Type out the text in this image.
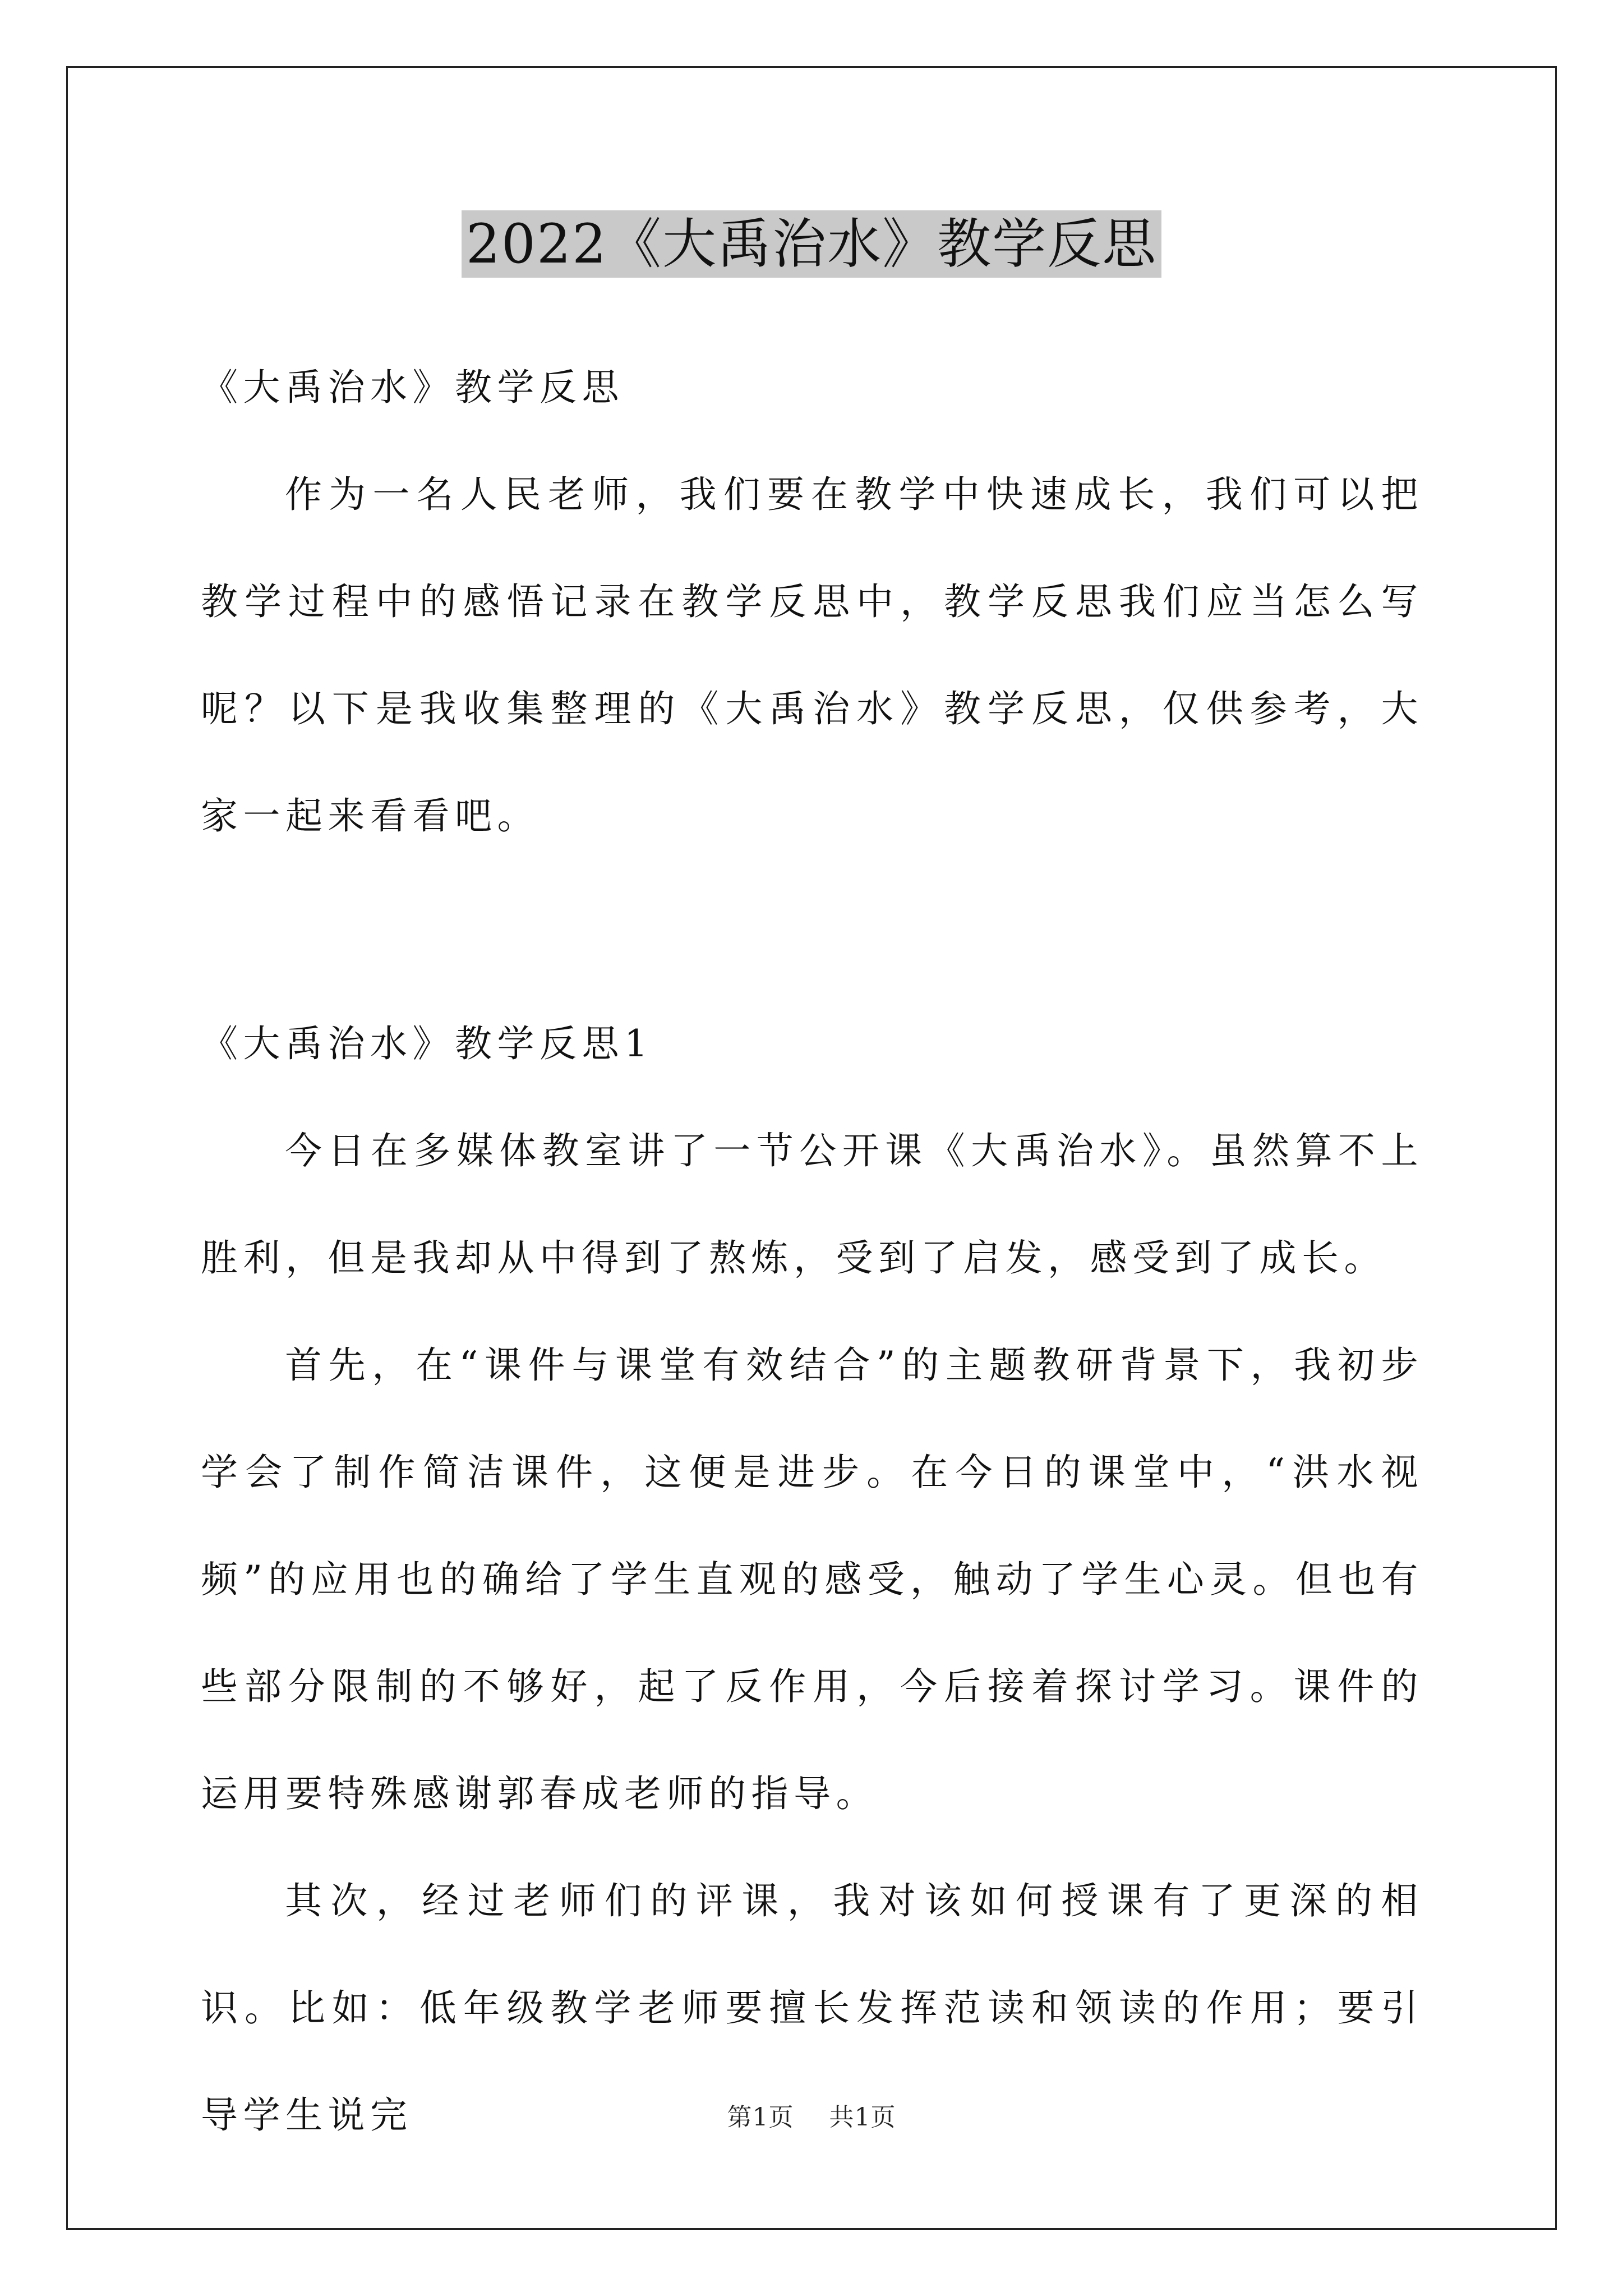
2022《大禹治水》教学反思

《大禹治水》教学反思

作为一名人民老师，我们要在教学中快速成长，我们可以把教学过程中的感悟记录在教学反思中，教学反思我们应当怎么写呢？以下是我收集整理的《大禹治水》教学反思，仅供参考，大家一起来看看吧。

《大禹治水》教学反思1

今日在多媒体教室讲了一节公开课《大禹治水》。虽然算不上胜利，但是我却从中得到了熬炼，受到了启发，感受到了成长。

首先，在“课件与课堂有效结合”的主题教研背景下，我初步学会了制作简洁课件，这便是进步。在今日的课堂中，“洪水视频”的应用也的确给了学生直观的感受，触动了学生心灵。但也有些部分限制的不够好，起了反作用，今后接着探讨学习。课件的运用要特殊感谢郭春成老师的指导。

其次，经过老师们的评课，我对该如何授课有了更深的相识。比如：低年级教学老师要擅长发挥范读和领读的作用；要引导学生说完	第1页 共1页
